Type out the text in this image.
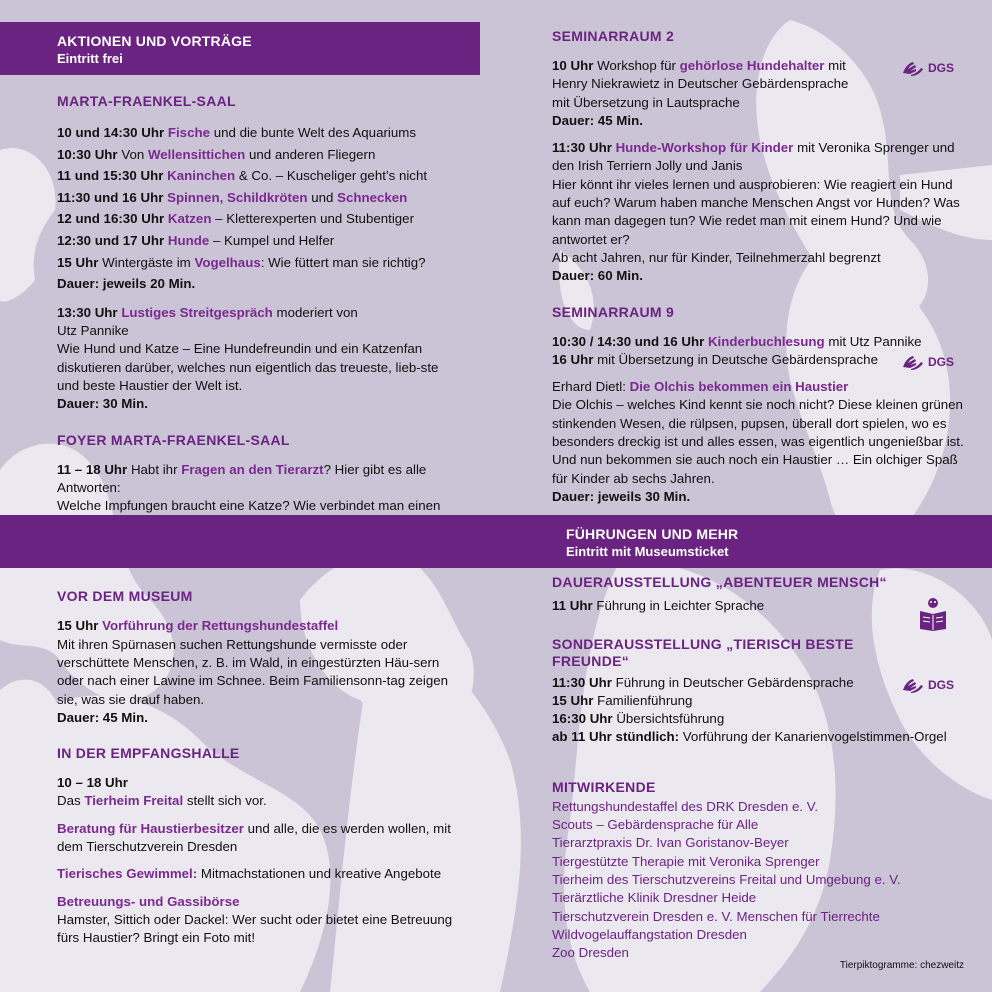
AKTIONEN UND VORTRÄGE
Eintritt frei
MARTA-FRAENKEL-SAAL
10 und 14:30 Uhr Fische und die bunte Welt des Aquariums
10:30 Uhr Von Wellensittichen und anderen Fliegern
11 und 15:30 Uhr Kaninchen & Co. – Kuscheliger geht’s nicht
11:30 und 16 Uhr Spinnen, Schildkröten und Schnecken
12 und 16:30 Uhr Katzen – Kletterexperten und Stubentiger
12:30 und 17 Uhr Hunde – Kumpel und Helfer
15 Uhr Wintergäste im Vogelhaus: Wie füttert man sie richtig?
Dauer: jeweils 20 Min.

13:30 Uhr Lustiges Streitgespräch moderiert von
Utz Pannike
Wie Hund und Katze – Eine Hundefreundin und ein Katzenfan diskutieren darüber, welches nun eigentlich das treueste, lieb-ste und beste Haustier der Welt ist.
Dauer: 30 Min.

FOYER MARTA-FRAENKEL-SAAL

11 – 18 Uhr Habt ihr Fragen an den Tierarzt? Hier gibt es alle Antworten:
Welche Impfungen braucht eine Katze? Wie verbindet man einen

VOR DEM MUSEUM

15 Uhr Vorführung der Rettungshundestaffel
Mit ihren Spürnasen suchen Rettungshunde vermisste oder verschüttete Menschen, z. B. im Wald, in eingestürzten Häu-sern oder nach einer Lawine im Schnee. Beim Familiensonn-tag zeigen sie, was sie drauf haben.
Dauer: 45 Min.

IN DER EMPFANGSHALLE

10 – 18 Uhr
Das Tierheim Freital stellt sich vor.

Beratung für Haustierbesitzer und alle, die es werden wollen, mit dem Tierschutzverein Dresden

Tierisches Gewimmel: Mitmachstationen und kreative Angebote

Betreuungs- und Gassibörse
Hamster, Sittich oder Dackel: Wer sucht oder bietet eine Betreuung fürs Haustier? Bringt ein Foto mit!

SEMINARRAUM 2

DGS
10 Uhr Workshop für gehörlose Hundehalter mit
Henry Niekrawietz in Deutscher Gebärdensprache
mit Übersetzung in Lautsprache
Dauer: 45 Min.

11:30 Uhr Hunde-Workshop für Kinder mit Veronika Sprenger und den Irish Terriern Jolly und Janis
Hier könnt ihr vieles lernen und ausprobieren: Wie reagiert ein Hund auf euch? Warum haben manche Menschen Angst vor Hunden? Was kann man dagegen tun? Wie redet man mit einem Hund? Und wie antwortet er?
Ab acht Jahren, nur für Kinder, Teilnehmerzahl begrenzt
Dauer: 60 Min.

SEMINARRAUM 9

10:30 / 14:30 und 16 Uhr Kinderbuchlesung mit Utz Pannike

DGS
16 Uhr mit Übersetzung in Deutsche Gebärdensprache

Erhard Dietl: Die Olchis bekommen ein Haustier
Die Olchis – welches Kind kennt sie noch nicht? Diese kleinen grünen stinkenden Wesen, die rülpsen, pupsen, überall dort spielen, wo es besonders dreckig ist und alles essen, was eigentlich ungenießbar ist. Und nun bekommen sie auch noch ein Haustier … Ein olchiger Spaß für Kinder ab sechs Jahren.
Dauer: jeweils 30 Min.

FÜHRUNGEN UND MEHR
Eintritt mit Museumsticket
DAUERAUSSTELLUNG „ABENTEUER MENSCH“

11 Uhr Führung in Leichter Sprache

SONDERAUSSTELLUNG „TIERISCH BESTE FREUNDE“

DGS
11:30 Uhr Führung in Deutscher Gebärdensprache
15 Uhr Familienführung
16:30 Uhr Übersichtsführung
ab 11 Uhr stündlich: Vorführung der Kanarienvogelstimmen-Orgel

MITWIRKENDE
Rettungshundestaffel des DRK Dresden e. V.
Scouts – Gebärdensprache für Alle
Tierarztpraxis Dr. Ivan Goristanov-Beyer
Tiergestützte Therapie mit Veronika Sprenger
Tierheim des Tierschutzvereins Freital und Umgebung e. V.
Tierärztliche Klinik Dresdner Heide
Tierschutzverein Dresden e. V. Menschen für Tierrechte
Wildvogelauffangstation Dresden
Zoo Dresden
Tierpiktogramme: chezweitz
